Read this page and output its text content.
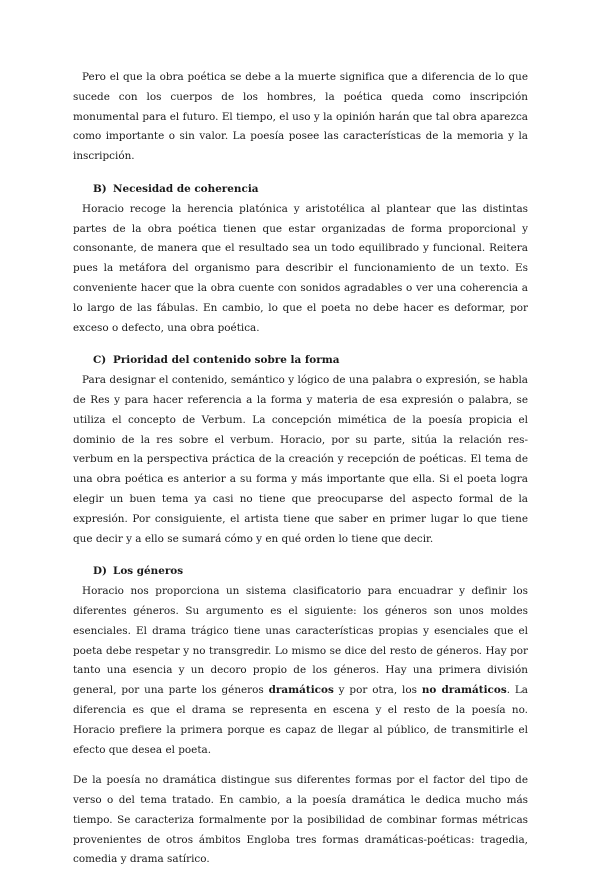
Pero el que la obra poética se debe a la muerte significa que a diferencia de lo que sucede con los cuerpos de los hombres, la poética queda como inscripción monumental para el futuro. El tiempo, el uso y la opinión harán que tal obra aparezca como importante o sin valor. La poesía posee las características de la memoria y la inscripción.

B) Necesidad de coherencia

Horacio recoge la herencia platónica y aristotélica al plantear que las distintas partes de la obra poética tienen que estar organizadas de forma proporcional y consonante, de manera que el resultado sea un todo equilibrado y funcional. Reitera pues la metáfora del organismo para describir el funcionamiento de un texto. Es conveniente hacer que la obra cuente con sonidos agradables o ver una coherencia a lo largo de las fábulas. En cambio, lo que el poeta no debe hacer es deformar, por exceso o defecto, una obra poética.

C) Prioridad del contenido sobre la forma

Para designar el contenido, semántico y lógico de una palabra o expresión, se habla de Res y para hacer referencia a la forma y materia de esa expresión o palabra, se utiliza el concepto de Verbum. La concepción mimética de la poesía propicia el dominio de la res sobre el verbum. Horacio, por su parte, sitúa la relación res-verbum en la perspectiva práctica de la creación y recepción de poéticas. El tema de una obra poética es anterior a su forma y más importante que ella. Si el poeta logra elegir un buen tema ya casi no tiene que preocuparse del aspecto formal de la expresión. Por consiguiente, el artista tiene que saber en primer lugar lo que tiene que decir y a ello se sumará cómo y en qué orden lo tiene que decir.

D) Los géneros

Horacio nos proporciona un sistema clasificatorio para encuadrar y definir los diferentes géneros. Su argumento es el siguiente: los géneros son unos moldes esenciales. El drama trágico tiene unas características propias y esenciales que el poeta debe respetar y no transgredir. Lo mismo se dice del resto de géneros. Hay por tanto una esencia y un decoro propio de los géneros. Hay una primera división general, por una parte los géneros dramáticos y por otra, los no dramáticos. La diferencia es que el drama se representa en escena y el resto de la poesía no. Horacio prefiere la primera porque es capaz de llegar al público, de transmitirle el efecto que desea el poeta.

De la poesía no dramática distingue sus diferentes formas por el factor del tipo de verso o del tema tratado. En cambio, a la poesía dramática le dedica mucho más tiempo. Se caracteriza formalmente por la posibilidad de combinar formas métricas provenientes de otros ámbitos Engloba tres formas dramáticas-poéticas: tragedia, comedia y drama satírico.
